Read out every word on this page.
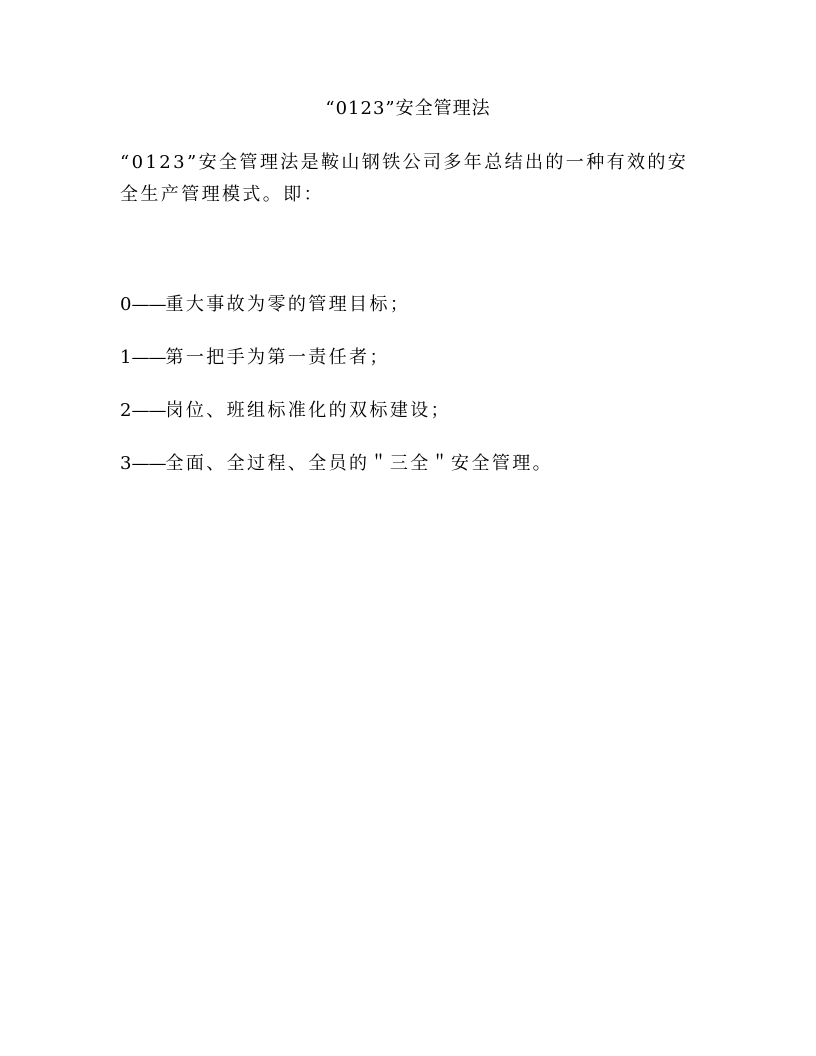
“0123”安全管理法
“0123”安全管理法是鞍山钢铁公司多年总结出的一种有效的安全生产管理模式。即：
0——重大事故为零的管理目标；
1——第一把手为第一责任者；
2——岗位、班组标准化的双标建设；
3——全面、全过程、全员的＂三全＂安全管理。
